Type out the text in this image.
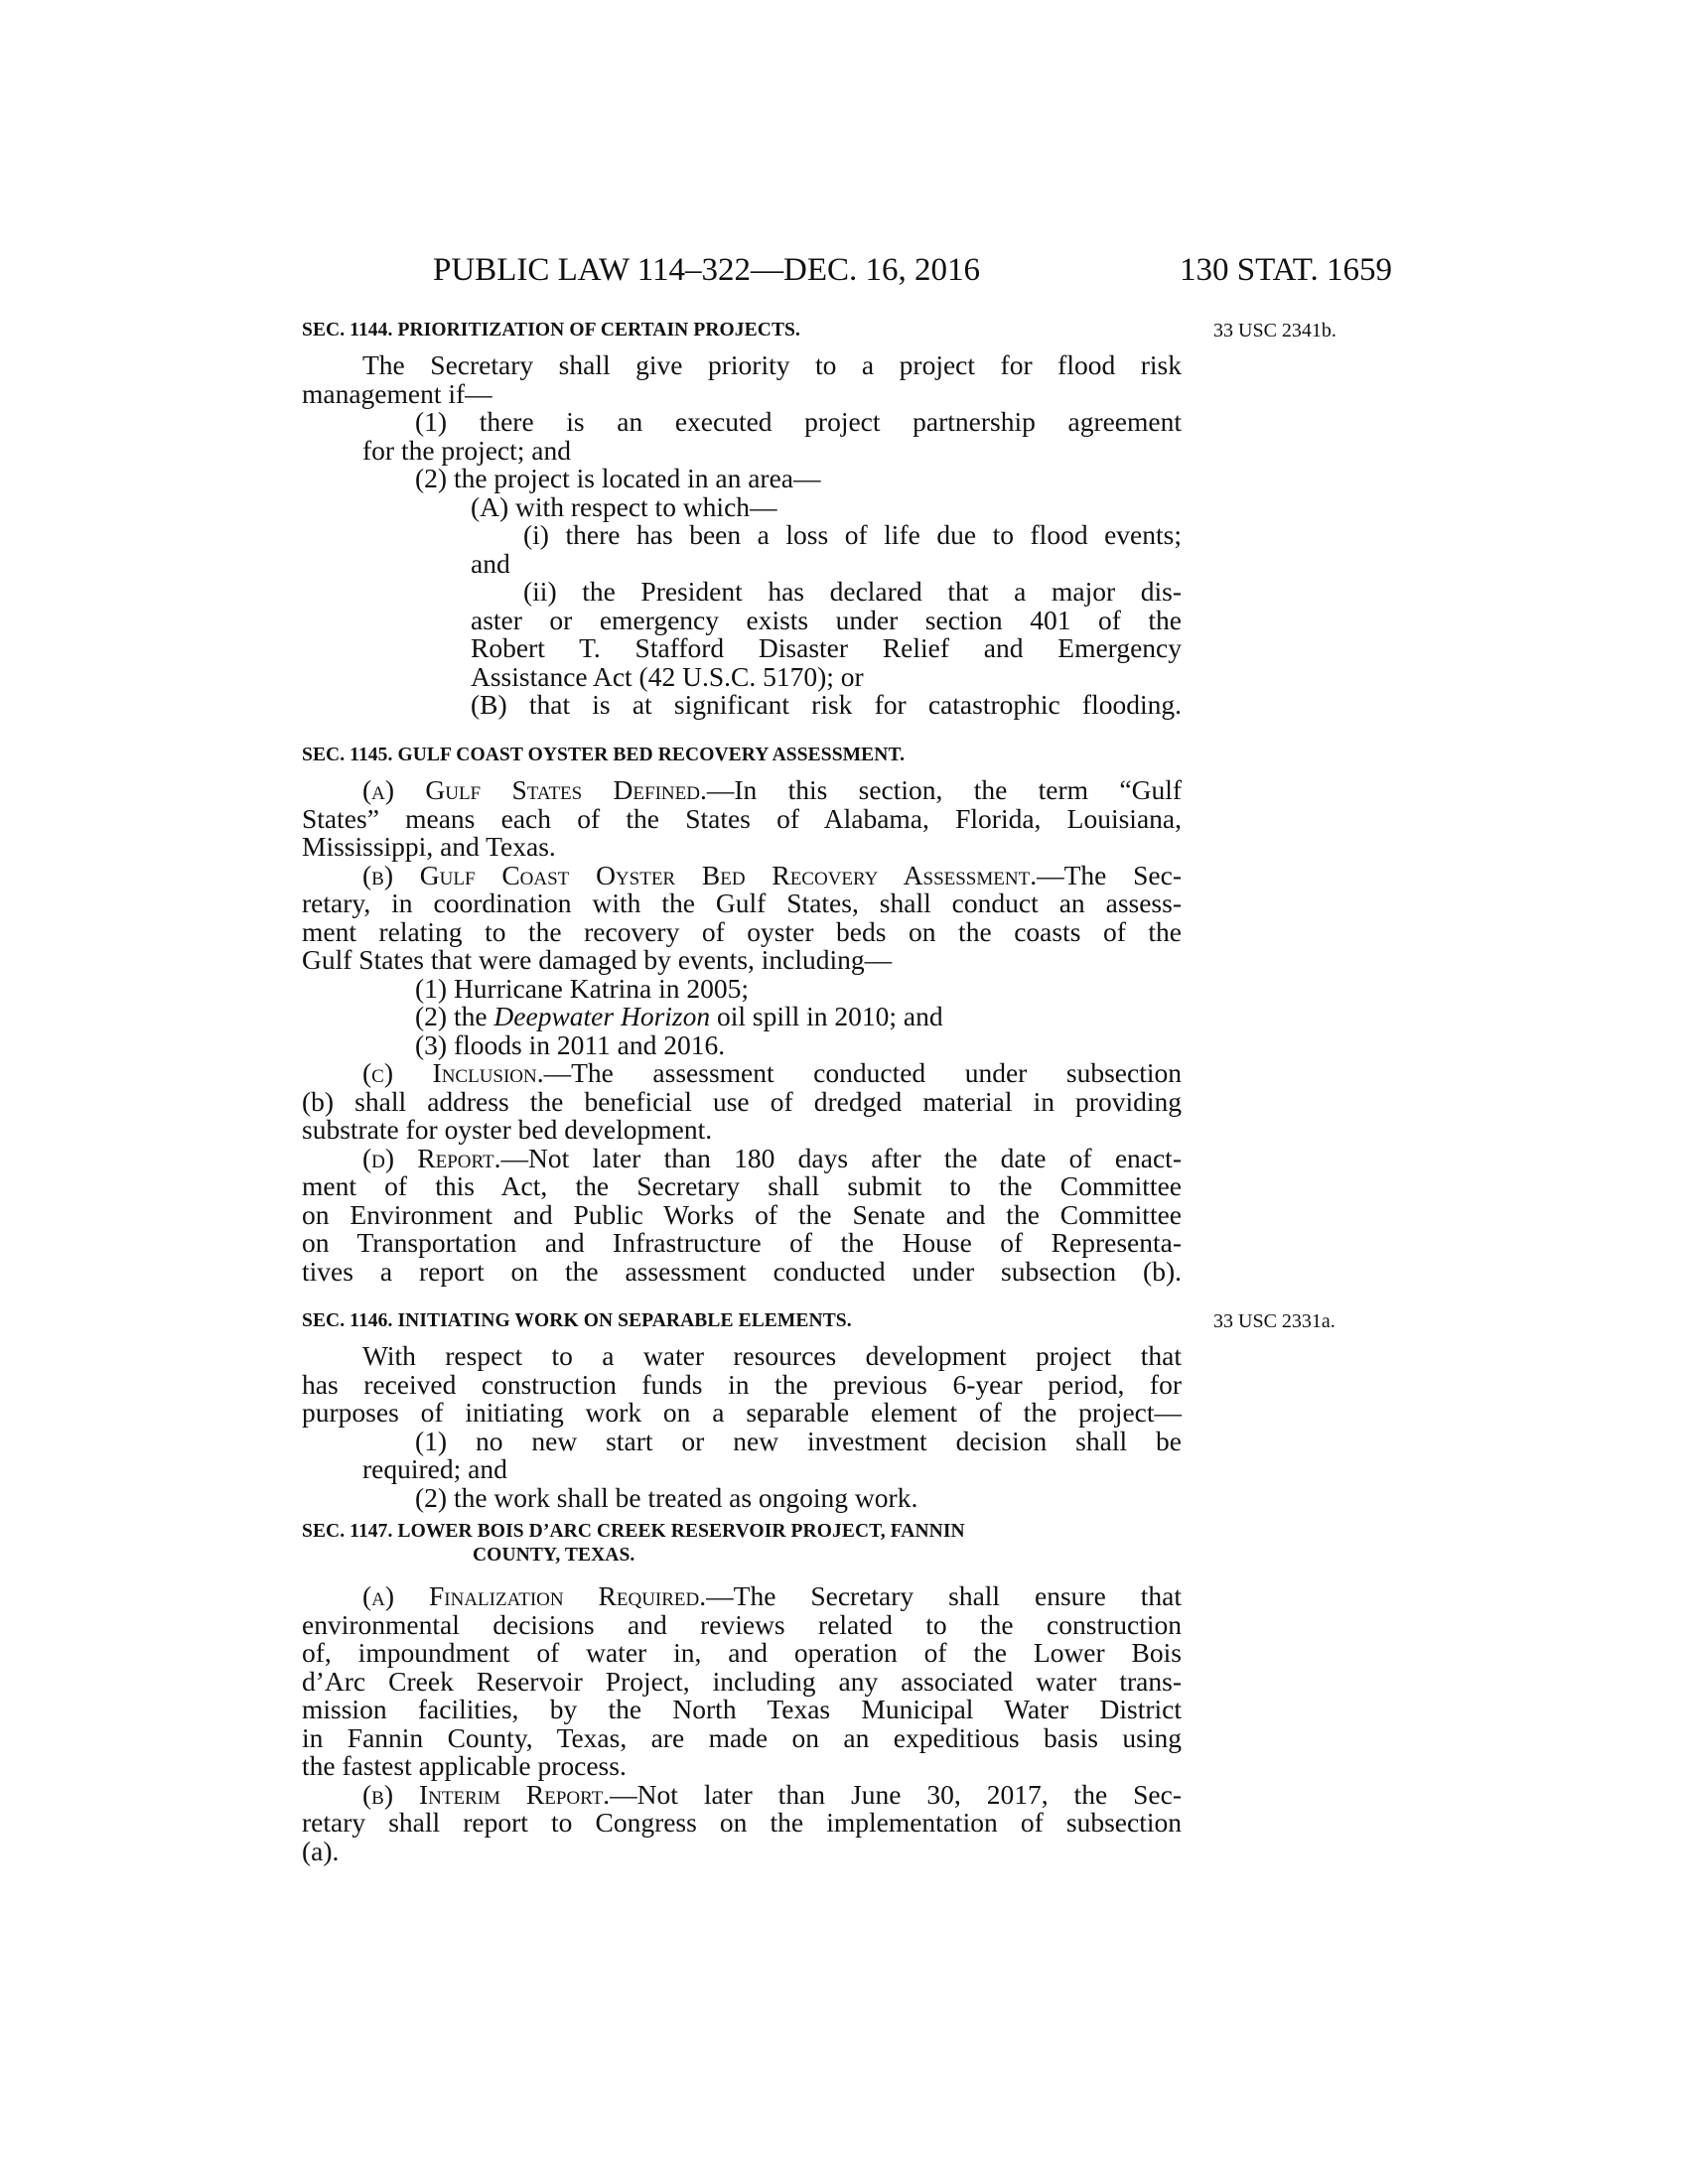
PUBLIC LAW 114–322—DEC. 16, 2016	130 STAT. 1659
SEC. 1144. PRIORITIZATION OF CERTAIN PROJECTS.	33 USC 2341b.

The Secretary shall give priority to a project for flood risk

management if—

(1) there is an executed project partnership agreement

for the project; and

(2) the project is located in an area—

(A) with respect to which—

(i) there has been a loss of life due to flood events;

and

(ii) the President has declared that a major dis-

aster or emergency exists under section 401 of the

Robert T. Stafford Disaster Relief and Emergency

Assistance Act (42 U.S.C. 5170); or

(B) that is at significant risk for catastrophic flooding.

SEC. 1145. GULF COAST OYSTER BED RECOVERY ASSESSMENT.

(a) Gulf States Defined.—In this section, the term “Gulf

States” means each of the States of Alabama, Florida, Louisiana,

Mississippi, and Texas.

(b) Gulf Coast Oyster Bed Recovery Assessment.—The Sec-

retary, in coordination with the Gulf States, shall conduct an assess-

ment relating to the recovery of oyster beds on the coasts of the

Gulf States that were damaged by events, including—

(1) Hurricane Katrina in 2005;

(2) the Deepwater Horizon oil spill in 2010; and

(3) floods in 2011 and 2016.

(c) Inclusion.—The assessment conducted under subsection

(b) shall address the beneficial use of dredged material in providing

substrate for oyster bed development.

(d) Report.—Not later than 180 days after the date of enact-

ment of this Act, the Secretary shall submit to the Committee

on Environment and Public Works of the Senate and the Committee

on Transportation and Infrastructure of the House of Representa-

tives a report on the assessment conducted under subsection (b).

SEC. 1146. INITIATING WORK ON SEPARABLE ELEMENTS.	33 USC 2331a.

With respect to a water resources development project that

has received construction funds in the previous 6-year period, for

purposes of initiating work on a separable element of the project—

(1) no new start or new investment decision shall be

required; and

(2) the work shall be treated as ongoing work.

SEC. 1147. LOWER BOIS D’ARC CREEK RESERVOIR PROJECT, FANNIN
COUNTY, TEXAS.

(a) Finalization Required.—The Secretary shall ensure that

environmental decisions and reviews related to the construction

of, impoundment of water in, and operation of the Lower Bois

d’Arc Creek Reservoir Project, including any associated water trans-

mission facilities, by the North Texas Municipal Water District

in Fannin County, Texas, are made on an expeditious basis using

the fastest applicable process.

(b) Interim Report.—Not later than June 30, 2017, the Sec-

retary shall report to Congress on the implementation of subsection

(a).
